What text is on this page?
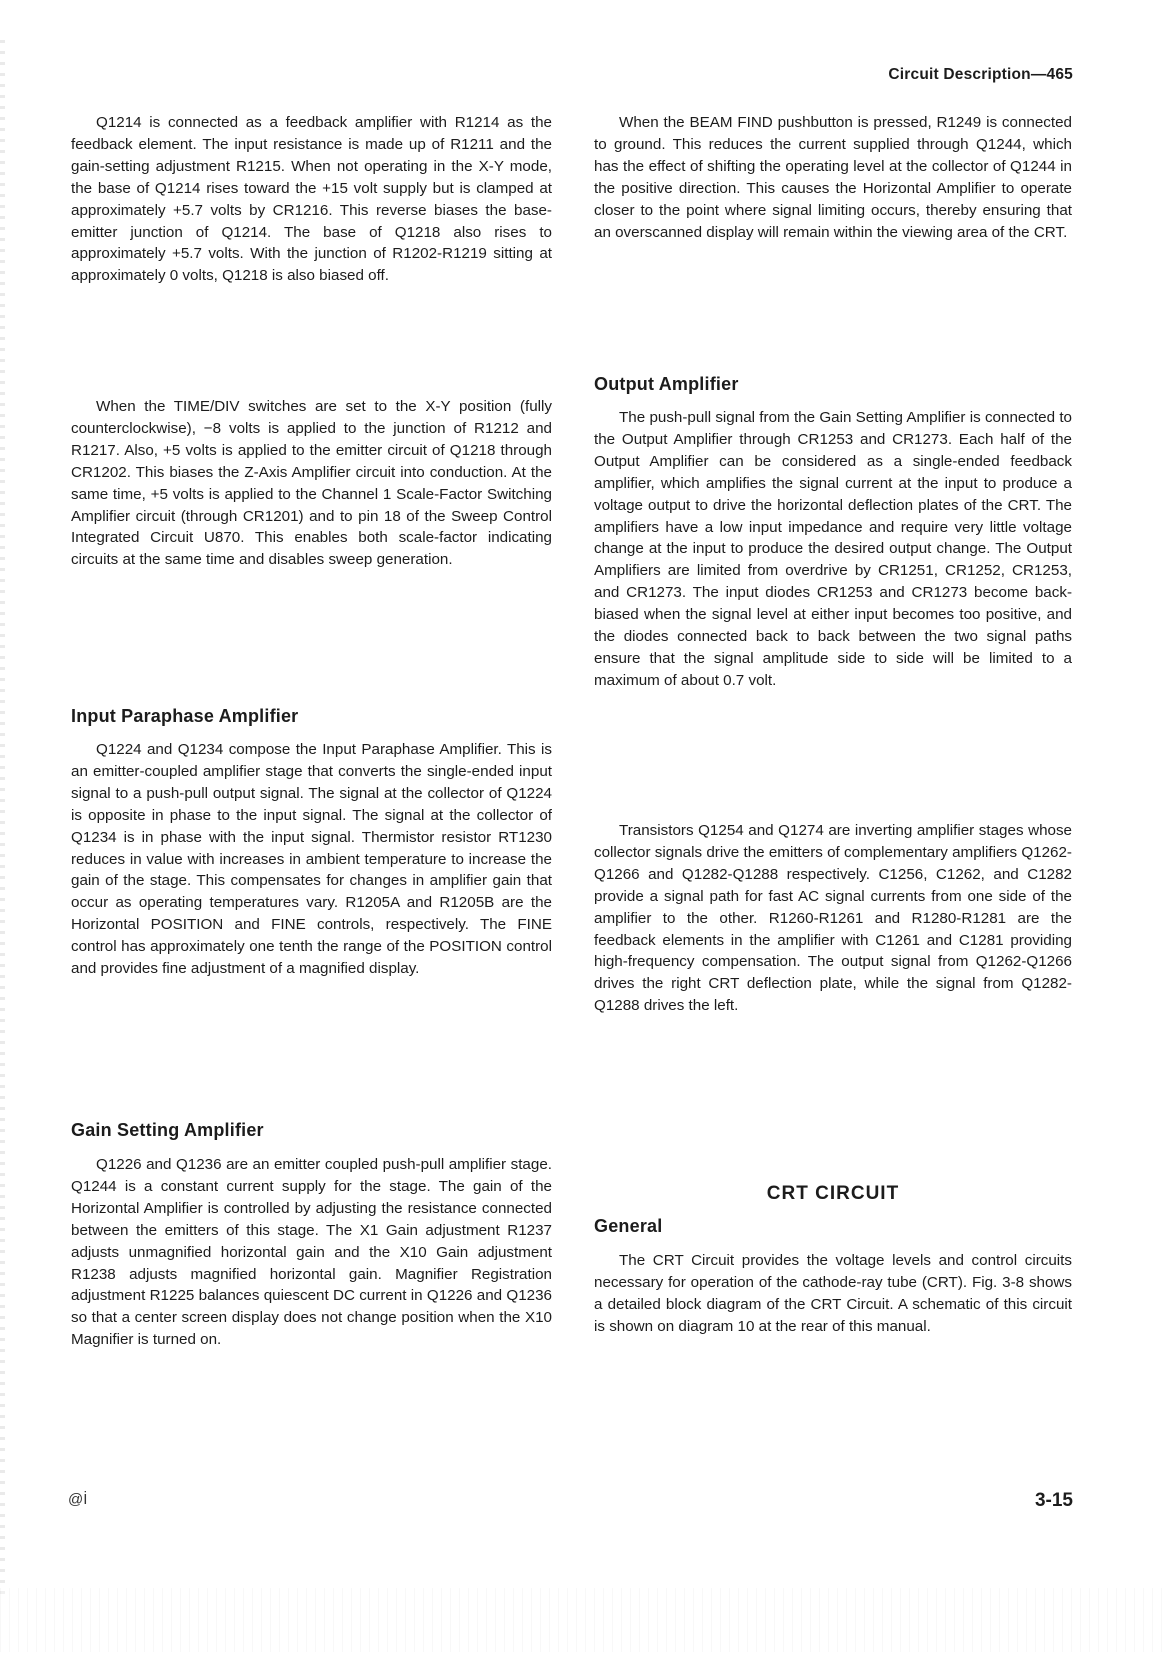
Circuit Description—465

Q1214 is connected as a feedback amplifier with R1214 as the feedback element. The input resistance is made up of R1211 and the gain-setting adjustment R1215. When not operating in the X-Y mode, the base of Q1214 rises toward the +15 volt supply but is clamped at approximately +5.7 volts by CR1216. This reverse biases the base-emitter junction of Q1214. The base of Q1218 also rises to approximately +5.7 volts. With the junction of R1202-R1219 sitting at approximately 0 volts, Q1218 is also biased off.

When the TIME/DIV switches are set to the X-Y position (fully counterclockwise), −8 volts is applied to the junction of R1212 and R1217. Also, +5 volts is applied to the emitter circuit of Q1218 through CR1202. This biases the Z-Axis Amplifier circuit into conduction. At the same time, +5 volts is applied to the Channel 1 Scale-Factor Switching Amplifier circuit (through CR1201) and to pin 18 of the Sweep Control Integrated Circuit U870. This enables both scale-factor indicating circuits at the same time and disables sweep generation.

Input Paraphase Amplifier

Q1224 and Q1234 compose the Input Paraphase Amplifier. This is an emitter-coupled amplifier stage that converts the single-ended input signal to a push-pull output signal. The signal at the collector of Q1224 is opposite in phase to the input signal. The signal at the collector of Q1234 is in phase with the input signal. Thermistor resistor RT1230 reduces in value with increases in ambient temperature to increase the gain of the stage. This compensates for changes in amplifier gain that occur as operating temperatures vary. R1205A and R1205B are the Horizontal POSITION and FINE controls, respectively. The FINE control has approximately one tenth the range of the POSITION control and provides fine adjustment of a magnified display.

Gain Setting Amplifier

Q1226 and Q1236 are an emitter coupled push-pull amplifier stage. Q1244 is a constant current supply for the stage. The gain of the Horizontal Amplifier is controlled by adjusting the resistance connected between the emitters of this stage. The X1 Gain adjustment R1237 adjusts unmagnified horizontal gain and the X10 Gain adjustment R1238 adjusts magnified horizontal gain. Magnifier Registration adjustment R1225 balances quiescent DC current in Q1226 and Q1236 so that a center screen display does not change position when the X10 Magnifier is turned on.

When the BEAM FIND pushbutton is pressed, R1249 is connected to ground. This reduces the current supplied through Q1244, which has the effect of shifting the operating level at the collector of Q1244 in the positive direction. This causes the Horizontal Amplifier to operate closer to the point where signal limiting occurs, thereby ensuring that an overscanned display will remain within the viewing area of the CRT.

Output Amplifier

The push-pull signal from the Gain Setting Amplifier is connected to the Output Amplifier through CR1253 and CR1273. Each half of the Output Amplifier can be considered as a single-ended feedback amplifier, which amplifies the signal current at the input to produce a voltage output to drive the horizontal deflection plates of the CRT. The amplifiers have a low input impedance and require very little voltage change at the input to produce the desired output change. The Output Amplifiers are limited from overdrive by CR1251, CR1252, CR1253, and CR1273. The input diodes CR1253 and CR1273 become back-biased when the signal level at either input becomes too positive, and the diodes connected back to back between the two signal paths ensure that the signal amplitude side to side will be limited to a maximum of about 0.7 volt.

Transistors Q1254 and Q1274 are inverting amplifier stages whose collector signals drive the emitters of complementary amplifiers Q1262-Q1266 and Q1282-Q1288 respectively. C1256, C1262, and C1282 provide a signal path for fast AC signal currents from one side of the amplifier to the other. R1260-R1261 and R1280-R1281 are the feedback elements in the amplifier with C1261 and C1281 providing high-frequency compensation. The output signal from Q1262-Q1266 drives the right CRT deflection plate, while the signal from Q1282-Q1288 drives the left.

CRT CIRCUIT
General

The CRT Circuit provides the voltage levels and control circuits necessary for operation of the cathode-ray tube (CRT). Fig. 3-8 shows a detailed block diagram of the CRT Circuit. A schematic of this circuit is shown on diagram 10 at the rear of this manual.

@İ	3-15
